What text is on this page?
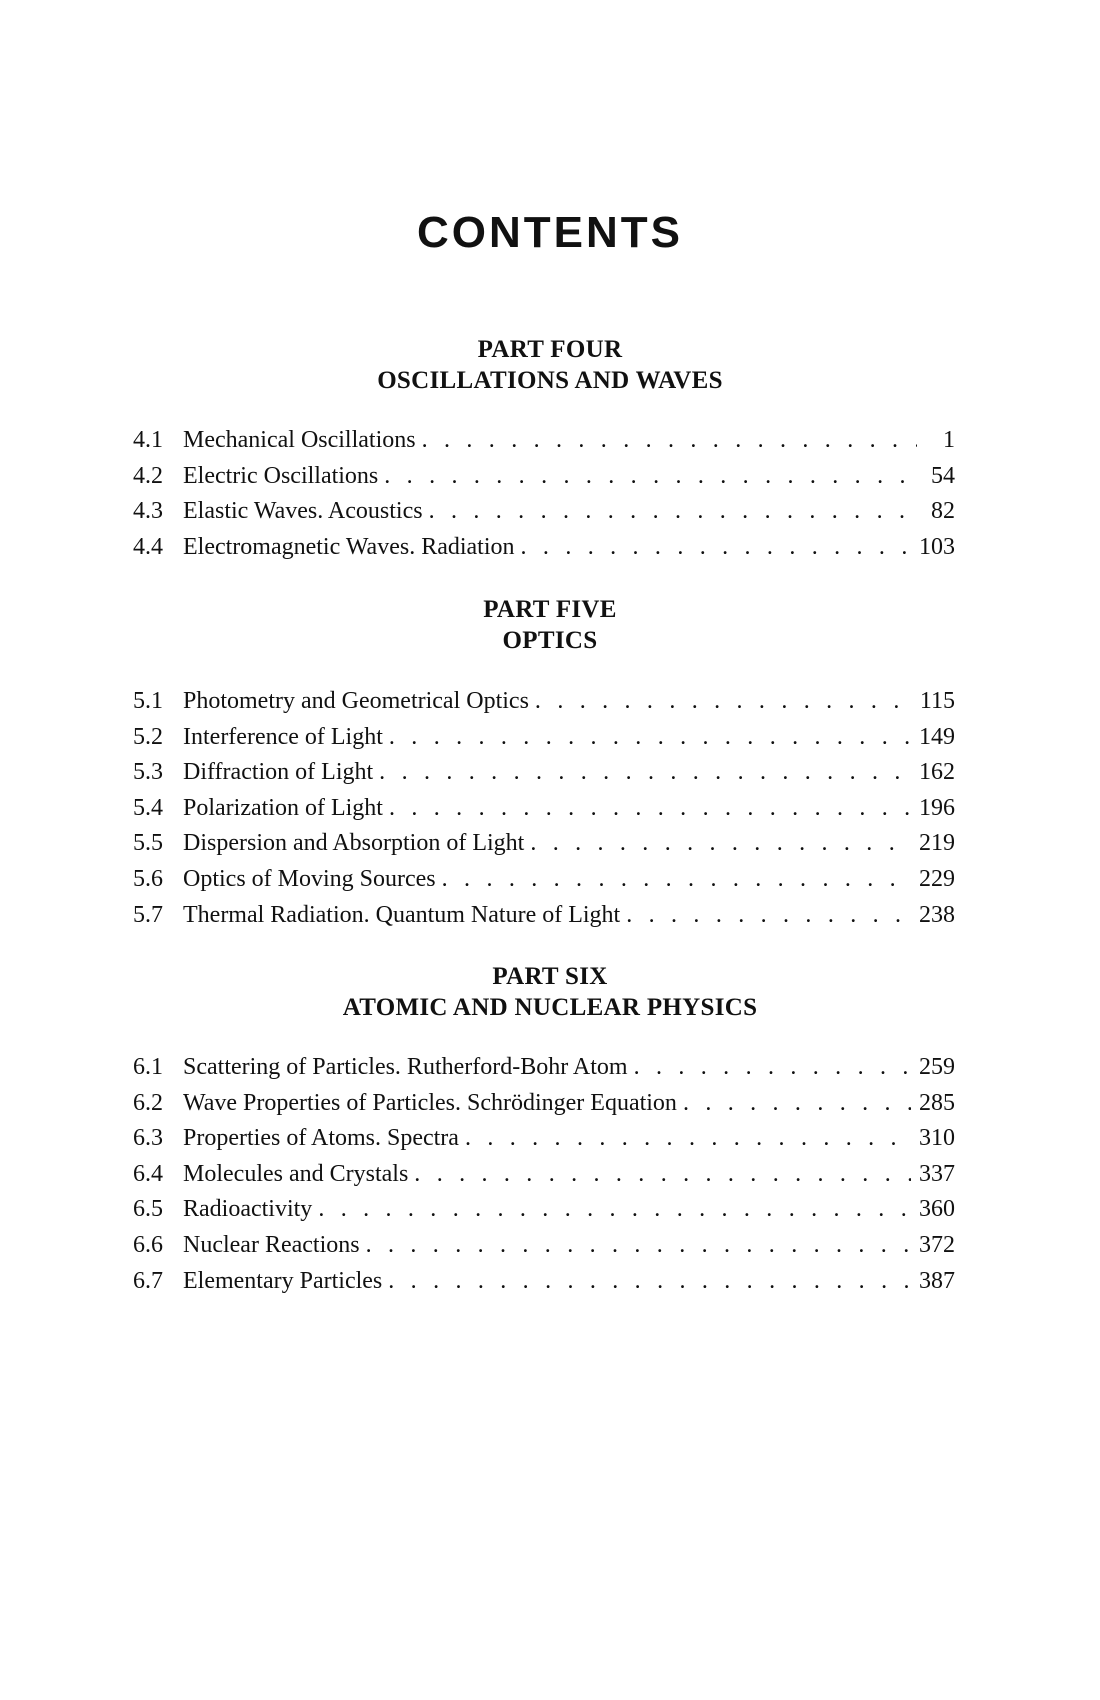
CONTENTS
PART FOUR
OSCILLATIONS AND WAVES
4.1 Mechanical Oscillations . . .	1
4.2 Electric Oscillations . . .	54
4.3 Elastic Waves. Acoustics . . .	82
4.4 Electromagnetic Waves. Radiation . . .	103
PART FIVE
OPTICS
5.1 Photometry and Geometrical Optics . . .	115
5.2 Interference of Light . . .	149
5.3 Diffraction of Light . . .	162
5.4 Polarization of Light . . .	196
5.5 Dispersion and Absorption of Light . . .	219
5.6 Optics of Moving Sources . . .	229
5.7 Thermal Radiation. Quantum Nature of Light . . .	238
PART SIX
ATOMIC AND NUCLEAR PHYSICS
6.1 Scattering of Particles. Rutherford-Bohr Atom . . .	259
6.2 Wave Properties of Particles. Schrödinger Equation . . .	285
6.3 Properties of Atoms. Spectra . . .	310
6.4 Molecules and Crystals . . .	337
6.5 Radioactivity . . .	360
6.6 Nuclear Reactions . . .	372
6.7 Elementary Particles . . .	387
